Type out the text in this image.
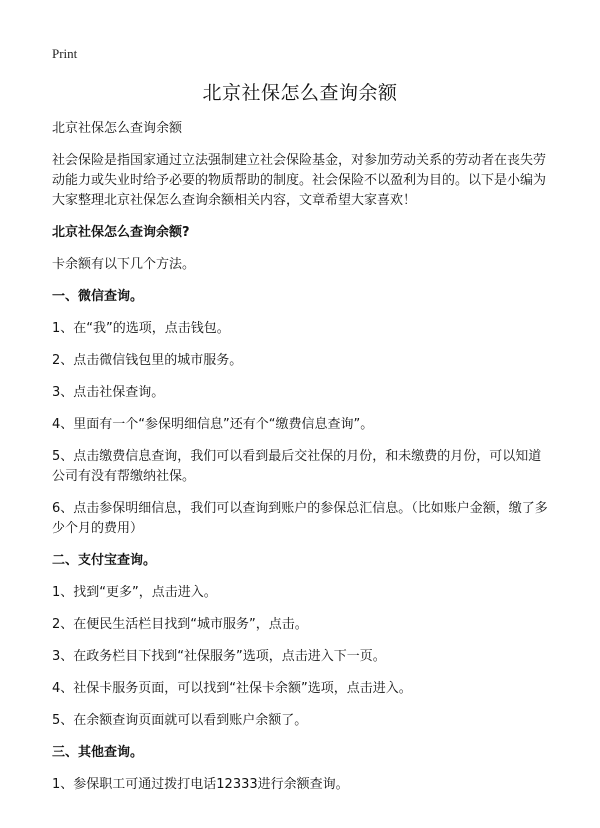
Print
北京社保怎么查询余额

北京社保怎么查询余额

社会保险是指国家通过立法强制建立社会保险基金，对参加劳动关系的劳动者在丧失劳动能力或失业时给予必要的物质帮助的制度。社会保险不以盈利为目的。以下是小编为大家整理北京社保怎么查询余额相关内容，文章希望大家喜欢！

北京社保怎么查询余额?

卡余额有以下几个方法。

一、微信查询。

1、在“我”的选项，点击钱包。

2、点击微信钱包里的城市服务。

3、点击社保查询。

4、里面有一个“参保明细信息”还有个“缴费信息查询”。

5、点击缴费信息查询，我们可以看到最后交社保的月份，和未缴费的月份，可以知道公司有没有帮缴纳社保。

6、点击参保明细信息，我们可以查询到账户的参保总汇信息。（比如账户金额，缴了多少个月的费用）

二、支付宝查询。

1、找到“更多”，点击进入。

2、在便民生活栏目找到“城市服务”，点击。

3、在政务栏目下找到“社保服务”选项，点击进入下一页。

4、社保卡服务页面，可以找到“社保卡余额”选项，点击进入。

5、在余额查询页面就可以看到账户余额了。

三、其他查询。

1、参保职工可通过拨打电话12333进行余额查询。
